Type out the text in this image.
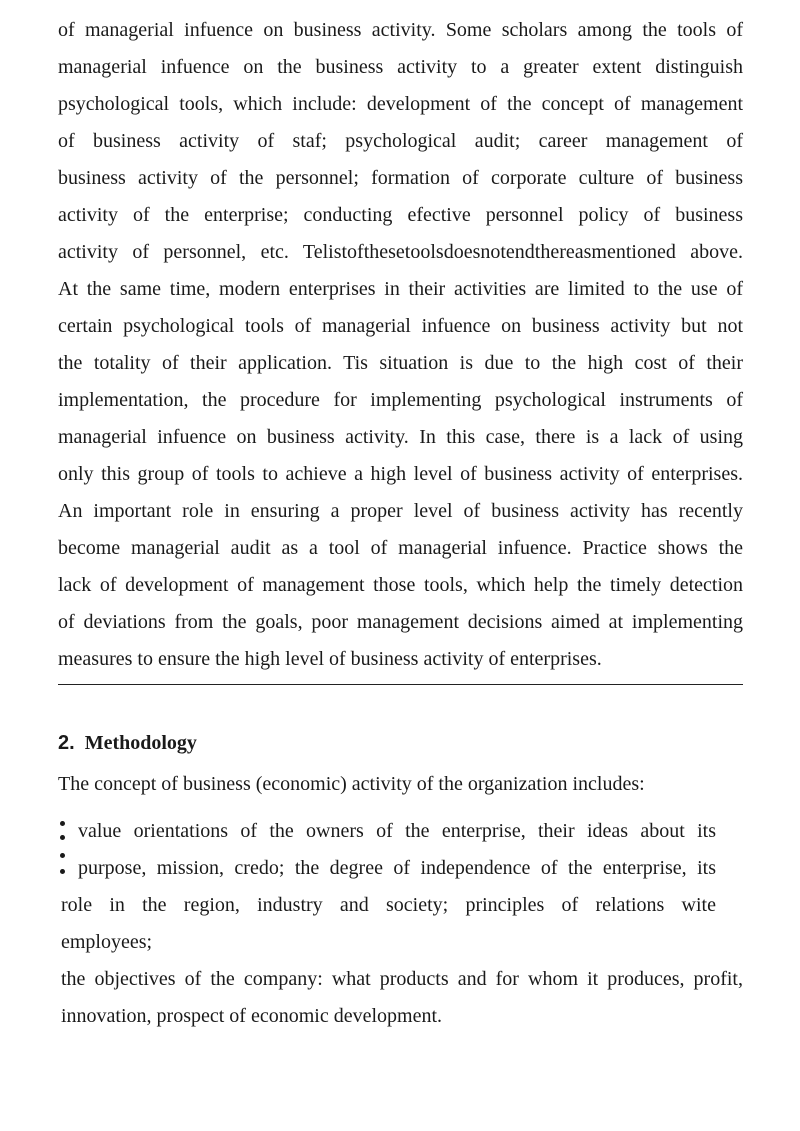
of managerial infuence on business activity. Some scholars among the tools of
managerial infuence on the business activity to a greater extent distinguish
psychological tools, which include: development of the concept of management
of business activity of staf; psychological audit; career management of
business activity of the personnel; formation of corporate culture of business
activity of the enterprise; conducting efective personnel policy of business
activity of personnel, etc. Telistofthesetoolsdoesnotendthereasmentioned above.
At the same time, modern enterprises in their activities are limited to the use of
certain psychological tools of managerial infuence on business activity but not
the totality of their application. Tis situation is due to the high cost of their
implementation, the procedure for implementing psychological instruments of
managerial infuence on business activity. In this case, there is a lack of using
only this group of tools to achieve a high level of business activity of enterprises.
An important role in ensuring a proper level of business activity has recently
become managerial audit as a tool of managerial infuence. Practice shows the
lack of development of management those tools, which help the timely detection
of deviations from the goals, poor management decisions aimed at implementing
measures to ensure the high level of business activity of enterprises.
2. Methodology

The concept of business (economic) activity of the organization includes:

value orientations of the owners of the enterprise, their ideas about its
purpose, mission, credo; the degree of independence of the enterprise, its
role in the region, industry and society; principles of relations wite
employees;
the objectives of the company: what products and for whom it produces, profit,
innovation, prospect of economic development.
